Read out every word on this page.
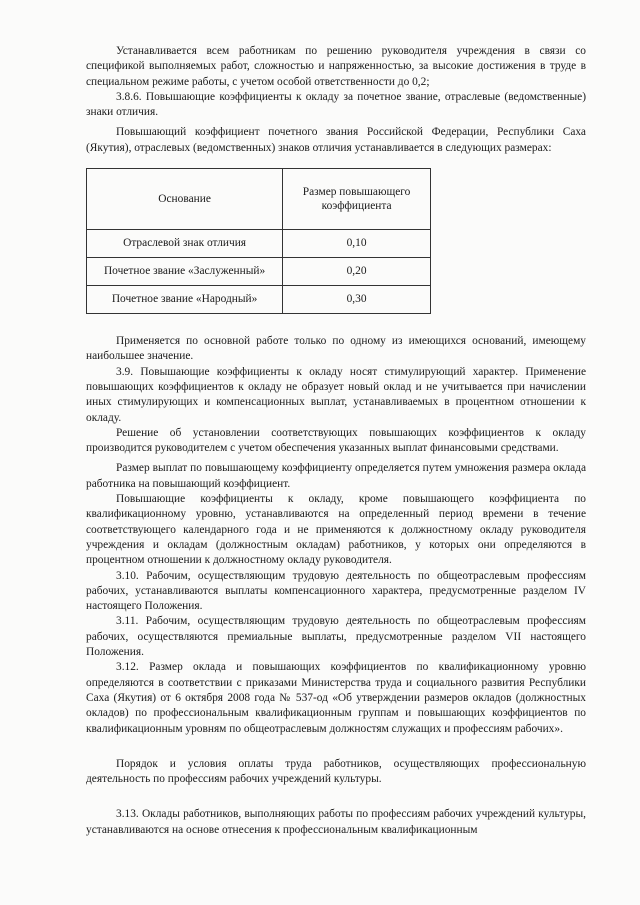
Устанавливается всем работникам по решению руководителя учреждения в связи со спецификой выполняемых работ, сложностью и напряженностью, за высокие достижения в труде в специальном режиме работы, с учетом особой ответственности до 0,2;

3.8.6. Повышающие коэффициенты к окладу за почетное звание, отраслевые (ведомственные) знаки отличия.

Повышающий коэффициент почетного звания Российской Федерации, Республики Саха (Якутия), отраслевых (ведомственных) знаков отличия устанавливается в следующих размерах:

Основание	Размер повышающего коэффициента
Отраслевой знак отличия	0,10
Почетное звание «Заслуженный»	0,20
Почетное звание «Народный»	0,30

Применяется по основной работе только по одному из имеющихся оснований, имеющему наибольшее значение.

3.9. Повышающие коэффициенты к окладу носят стимулирующий характер. Применение повышающих коэффициентов к окладу не образует новый оклад и не учитывается при начислении иных стимулирующих и компенсационных выплат, устанавливаемых в процентном отношении к окладу.

Решение об установлении соответствующих повышающих коэффициентов к окладу производится руководителем с учетом обеспечения указанных выплат финансовыми средствами.

Размер выплат по повышающему коэффициенту определяется путем умножения размера оклада работника на повышающий коэффициент.

Повышающие коэффициенты к окладу, кроме повышающего коэффициента по квалификационному уровню, устанавливаются на определенный период времени в течение соответствующего календарного года и не применяются к должностному окладу руководителя учреждения и окладам (должностным окладам) работников, у которых они определяются в процентном отношении к должностному окладу руководителя.

3.10. Рабочим, осуществляющим трудовую деятельность по общеотраслевым профессиям рабочих, устанавливаются выплаты компенсационного характера, предусмотренные разделом IV настоящего Положения.

3.11. Рабочим, осуществляющим трудовую деятельность по общеотраслевым профессиям рабочих, осуществляются премиальные выплаты, предусмотренные разделом VII настоящего Положения.

3.12. Размер оклада и повышающих коэффициентов по квалификационному уровню определяются в соответствии с приказами Министерства труда и социального развития Республики Саха (Якутия) от 6 октября 2008 года № 537-од «Об утверждении размеров окладов (должностных окладов) по профессиональным квалификационным группам и повышающих коэффициентов по квалификационным уровням по общеотраслевым должностям служащих и профессиям рабочих».

Порядок и условия оплаты труда работников, осуществляющих профессиональную деятельность по профессиям рабочих учреждений культуры.

3.13. Оклады работников, выполняющих работы по профессиям рабочих учреждений культуры, устанавливаются на основе отнесения к профессиональным квалификационным
